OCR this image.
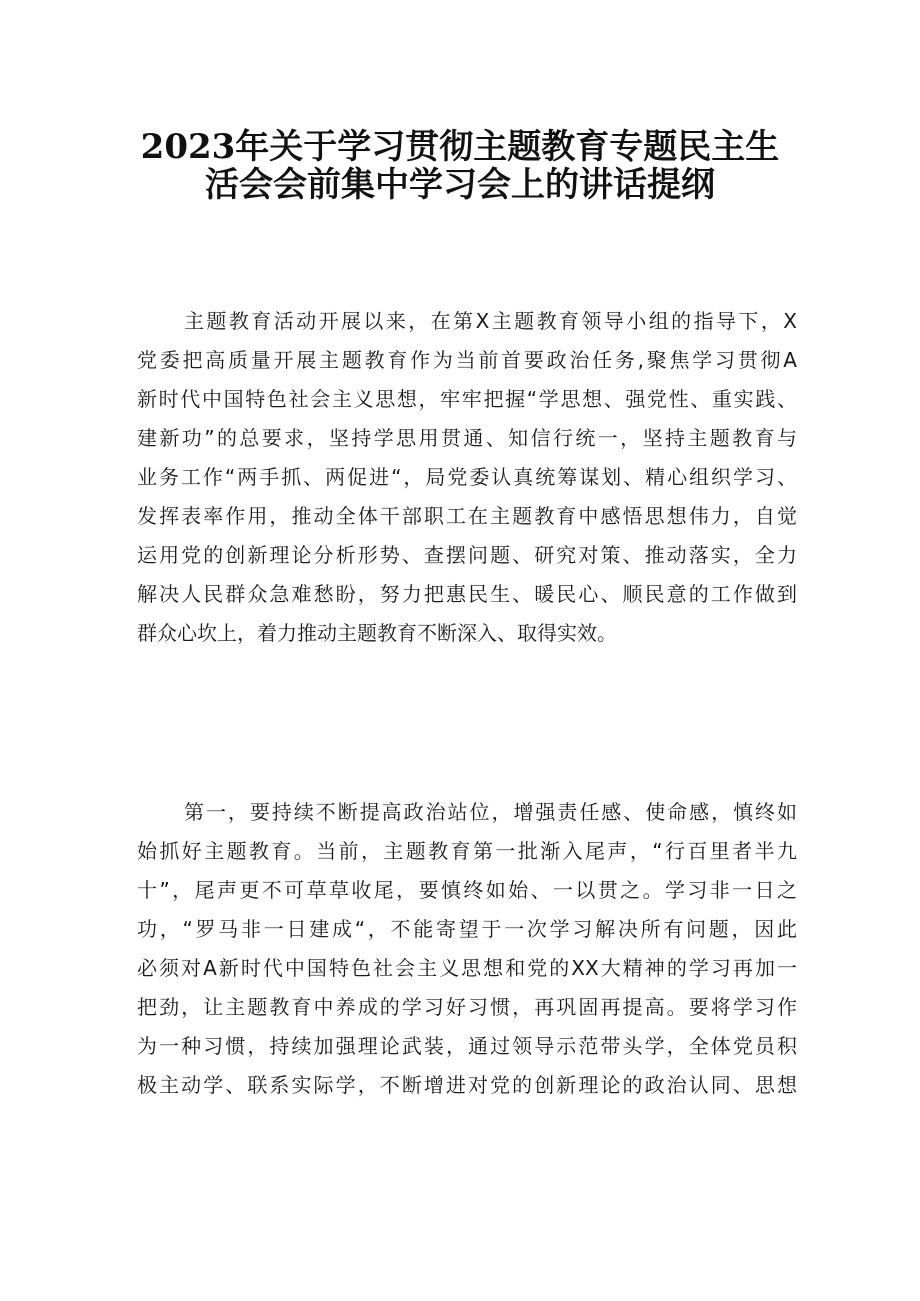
2023年关于学习贯彻主题教育专题民主生
活会会前集中学习会上的讲话提纲
主题教育活动开展以来，在第X主题教育领导小组的指导下，X
党委把高质量开展主题教育作为当前首要政治任务,聚焦学习贯彻A
新时代中国特色社会主义思想，牢牢把握“学思想、强党性、重实践、
建新功”的总要求，坚持学思用贯通、知信行统一，坚持主题教育与
业务工作“两手抓、两促进“，局党委认真统筹谋划、精心组织学习、
发挥表率作用，推动全体干部职工在主题教育中感悟思想伟力，自觉
运用党的创新理论分析形势、查摆问题、研究对策、推动落实，全力
解决人民群众急难愁盼，努力把惠民生、暖民心、顺民意的工作做到
群众心坎上，着力推动主题教育不断深入、取得实效。
第一，要持续不断提高政治站位，增强责任感、使命感，慎终如
始抓好主题教育。当前，主题教育第一批渐入尾声，“行百里者半九
十”，尾声更不可草草收尾，要慎终如始、一以贯之。学习非一日之
功，“罗马非一日建成“，不能寄望于一次学习解决所有问题，因此
必须对A新时代中国特色社会主义思想和党的XX大精神的学习再加一
把劲，让主题教育中养成的学习好习惯，再巩固再提高。要将学习作
为一种习惯，持续加强理论武装，通过领导示范带头学，全体党员积
极主动学、联系实际学，不断增进对党的创新理论的政治认同、思想
